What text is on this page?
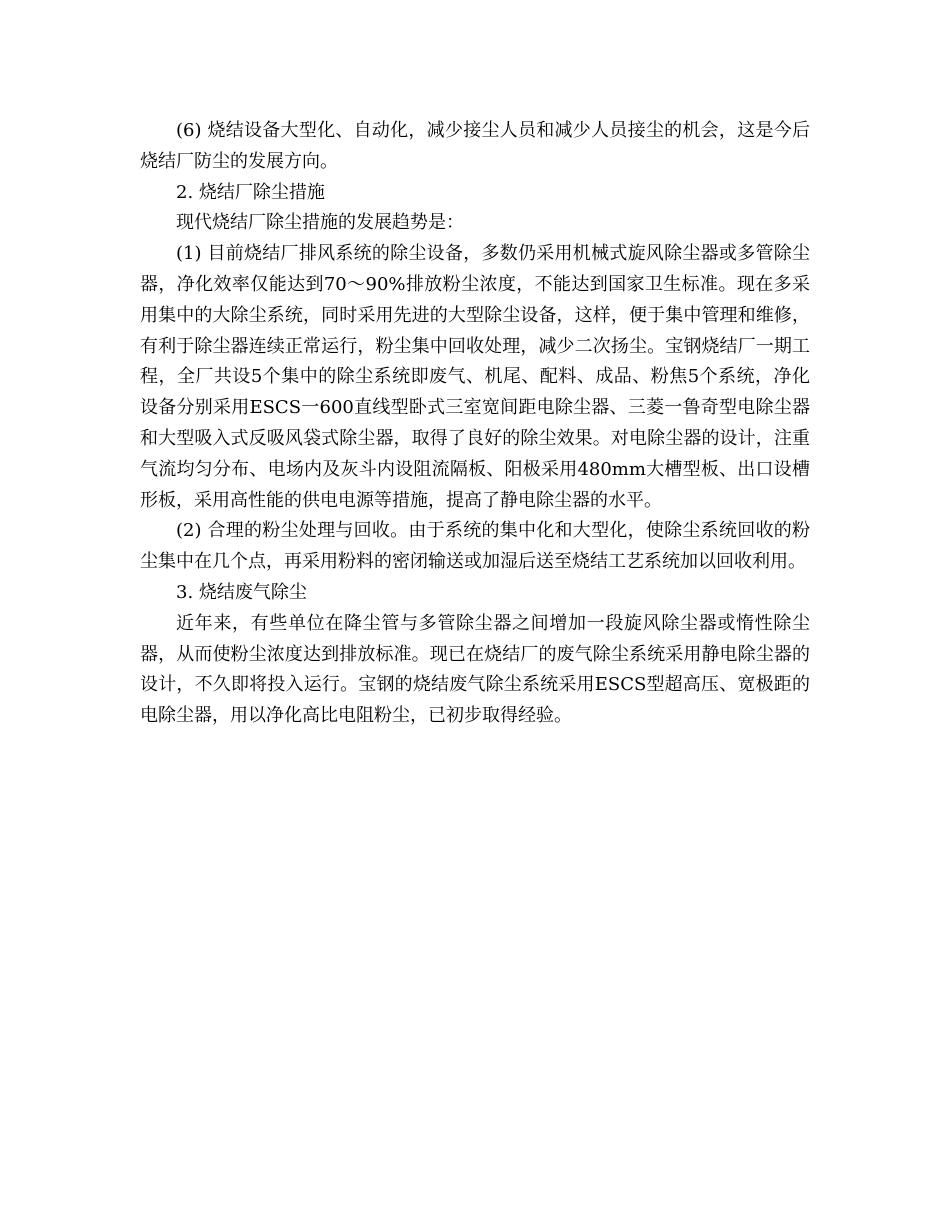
(6) 烧结设备大型化、自动化，减少接尘人员和减少人员接尘的机会，这是今后烧结厂防尘的发展方向。

2. 烧结厂除尘措施

现代烧结厂除尘措施的发展趋势是：

(1) 目前烧结厂排风系统的除尘设备，多数仍采用机械式旋风除尘器或多管除尘器，净化效率仅能达到70～90%排放粉尘浓度，不能达到国家卫生标准。现在多采用集中的大除尘系统，同时采用先进的大型除尘设备，这样，便于集中管理和维修，有利于除尘器连续正常运行，粉尘集中回收处理，减少二次扬尘。宝钢烧结厂一期工程，全厂共设5个集中的除尘系统即废气、机尾、配料、成品、粉焦5个系统，净化设备分别采用ESCS一600直线型卧式三室宽间距电除尘器、三菱一鲁奇型电除尘器和大型吸入式反吸风袋式除尘器，取得了良好的除尘效果。对电除尘器的设计，注重气流均匀分布、电场内及灰斗内设阻流隔板、阳极采用480mm大槽型板、出口设槽形板，采用高性能的供电电源等措施，提高了静电除尘器的水平。

(2) 合理的粉尘处理与回收。由于系统的集中化和大型化，使除尘系统回收的粉尘集中在几个点，再采用粉料的密闭输送或加湿后送至烧结工艺系统加以回收利用。

3. 烧结废气除尘

近年来，有些单位在降尘管与多管除尘器之间增加一段旋风除尘器或惰性除尘器，从而使粉尘浓度达到排放标准。现已在烧结厂的废气除尘系统采用静电除尘器的设计，不久即将投入运行。宝钢的烧结废气除尘系统采用ESCS型超高压、宽极距的电除尘器，用以净化高比电阻粉尘，已初步取得经验。
